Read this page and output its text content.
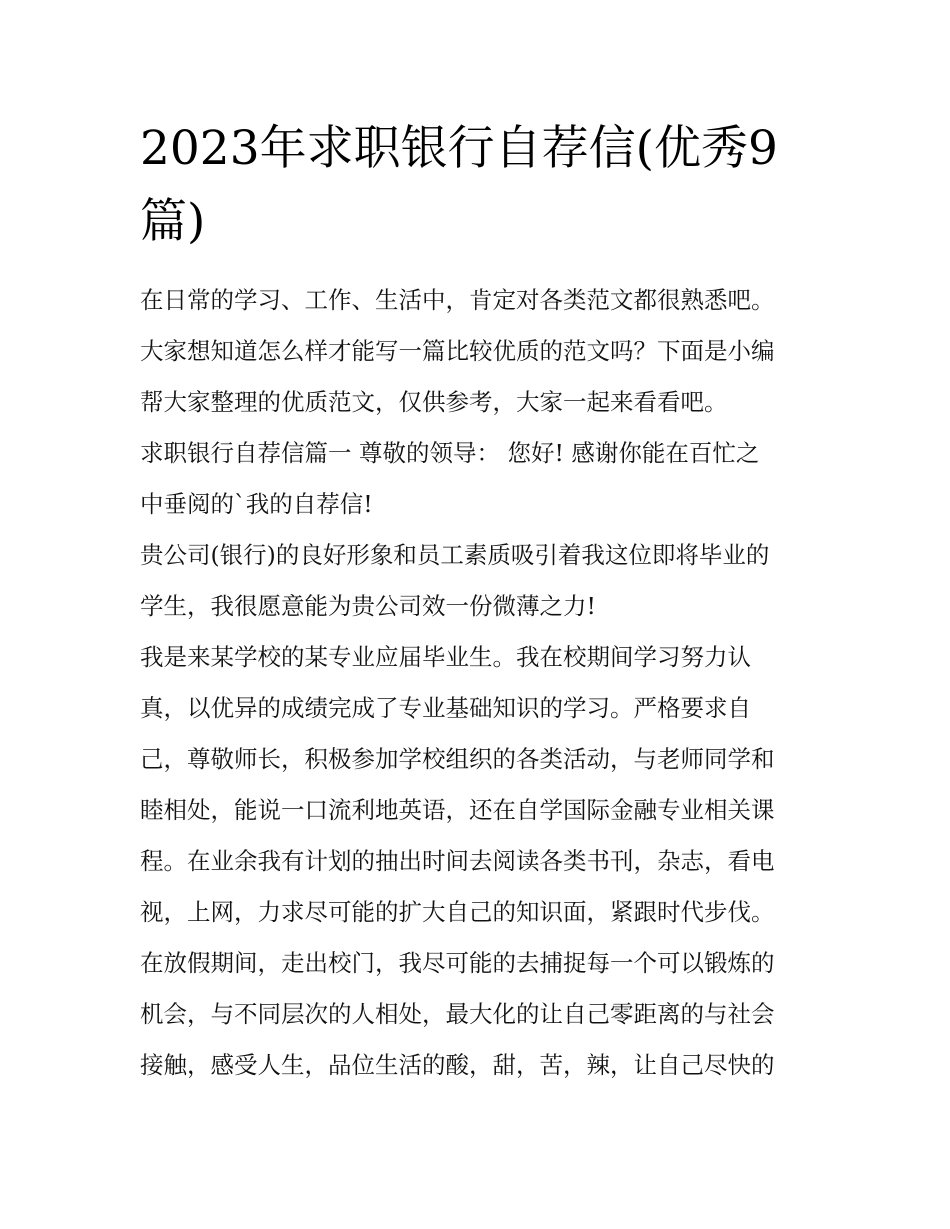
2023年求职银行自荐信(优秀9
篇)
在日常的学习、工作、生活中，肯定对各类范文都很熟悉吧。
大家想知道怎么样才能写一篇比较优质的范文吗？下面是小编
帮大家整理的优质范文，仅供参考，大家一起来看看吧。
求职银行自荐信篇一 尊敬的领导： 您好! 感谢你能在百忙之
中垂阅的`我的自荐信!
贵公司(银行)的良好形象和员工素质吸引着我这位即将毕业的
学生，我很愿意能为贵公司效一份微薄之力!
我是来某学校的某专业应届毕业生。我在校期间学习努力认
真，以优异的成绩完成了专业基础知识的学习。严格要求自
己，尊敬师长，积极参加学校组织的各类活动，与老师同学和
睦相处，能说一口流利地英语，还在自学国际金融专业相关课
程。在业余我有计划的抽出时间去阅读各类书刊，杂志，看电
视，上网，力求尽可能的扩大自己的知识面，紧跟时代步伐。
在放假期间，走出校门，我尽可能的去捕捉每一个可以锻炼的
机会，与不同层次的人相处，最大化的让自己零距离的与社会
接触，感受人生，品位生活的酸，甜，苦，辣，让自己尽快的
